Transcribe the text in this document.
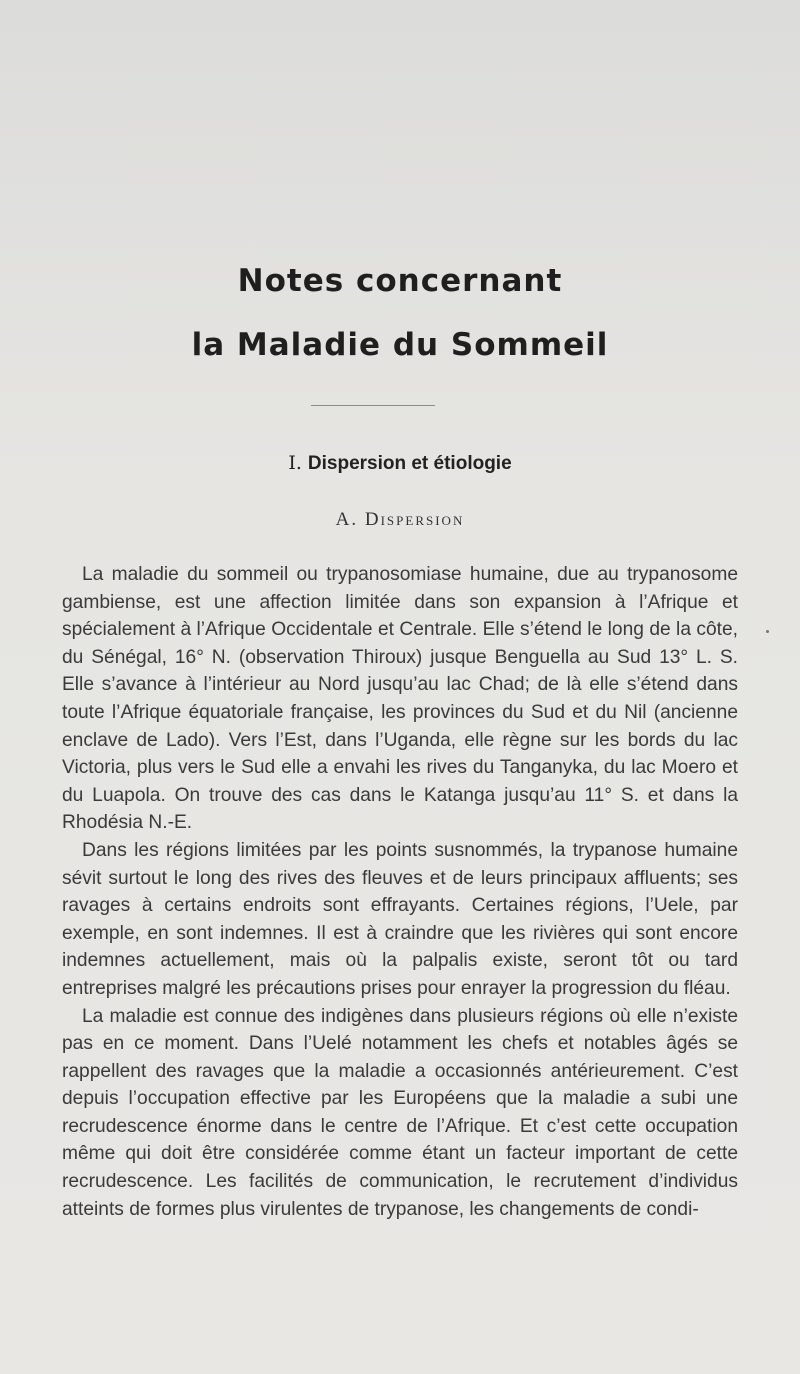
Notes concernant
la Maladie du Sommeil
I. Dispersion et étiologie
A. Dispersion

La maladie du sommeil ou trypanosomiase humaine, due au trypanosome gambiense, est une affection limitée dans son expansion à l’Afrique et spécialement à l’Afrique Occidentale et Centrale. Elle s’étend le long de la côte, du Sénégal, 16° N. (observation Thiroux) jusque Benguella au Sud 13° L. S. Elle s’avance à l’intérieur au Nord jusqu’au lac Chad; de là elle s’étend dans toute l’Afrique équatoriale française, les provinces du Sud et du Nil (ancienne enclave de Lado). Vers l’Est, dans l’Uganda, elle règne sur les bords du lac Victoria, plus vers le Sud elle a envahi les rives du Tanganyka, du lac Moero et du Luapola. On trouve des cas dans le Katanga jusqu’au 11° S. et dans la Rhodésia N.-E.

Dans les régions limitées par les points susnommés, la trypanose humaine sévit surtout le long des rives des fleuves et de leurs principaux affluents; ses ravages à certains endroits sont effrayants. Certaines régions, l’Uele, par exemple, en sont indemnes. Il est à craindre que les rivières qui sont encore indemnes actuellement, mais où la palpalis existe, seront tôt ou tard entreprises malgré les précautions prises pour enrayer la progression du fléau.

La maladie est connue des indigènes dans plusieurs régions où elle n’existe pas en ce moment. Dans l’Uelé notamment les chefs et notables âgés se rappellent des ravages que la maladie a occasionnés antérieurement. C’est depuis l’occupation effective par les Européens que la maladie a subi une recrudescence énorme dans le centre de l’Afrique. Et c’est cette occupation même qui doit être considérée comme étant un facteur important de cette recrudescence. Les facilités de communication, le recrutement d’individus atteints de formes plus virulentes de trypanose, les changements de condi-
